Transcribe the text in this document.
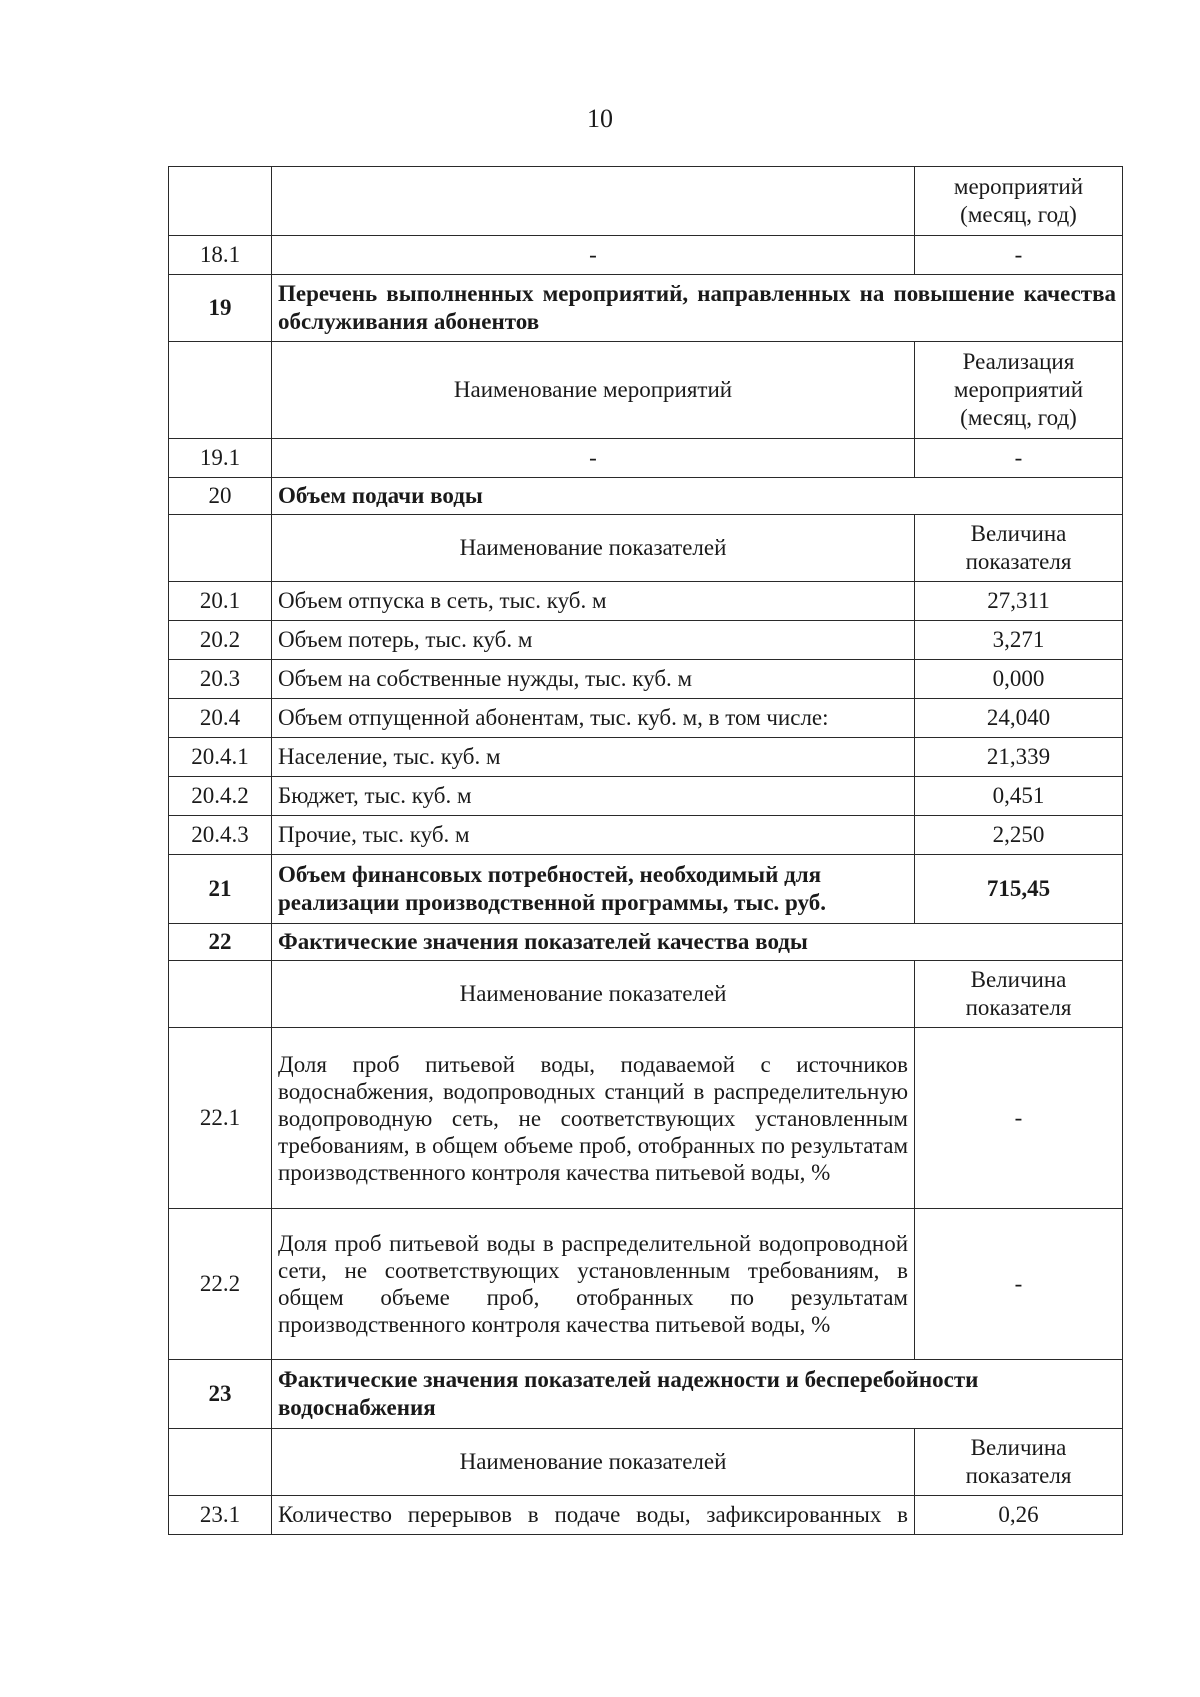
10
		мероприятий (месяц, год)
18.1	-	-
19	Перечень выполненных мероприятий, направленных на повышение качества обслуживания абонентов	
	Наименование мероприятий	Реализация мероприятий (месяц, год)
19.1	-	-
20	Объем подачи воды	
	Наименование показателей	Величина показателя
20.1	Объем отпуска в сеть, тыс. куб. м	27,311
20.2	Объем потерь, тыс. куб. м	3,271
20.3	Объем на собственные нужды, тыс. куб. м	0,000
20.4	Объем отпущенной абонентам, тыс. куб. м, в том числе:	24,040
20.4.1	Население, тыс. куб. м	21,339
20.4.2	Бюджет, тыс. куб. м	0,451
20.4.3	Прочие, тыс. куб. м	2,250
21	Объем финансовых потребностей, необходимый для реализации производственной программы, тыс. руб.	715,45
22	Фактические значения показателей качества воды	
	Наименование показателей	Величина показателя
22.1	Доля проб питьевой воды, подаваемой с источников водоснабжения, водопроводных станций в распределительную водопроводную сеть, не соответствующих установленным требованиям, в общем объеме проб, отобранных по результатам производственного контроля качества питьевой воды, %	-
22.2	Доля проб питьевой воды в распределительной водопроводной сети, не соответствующих установленным требованиям, в общем объеме проб, отобранных по результатам производственного контроля качества питьевой воды, %	-
23	Фактические значения показателей надежности и бесперебойности водоснабжения	
	Наименование показателей	Величина показателя
23.1	Количество перерывов в подаче воды, зафиксированных в	0,26
